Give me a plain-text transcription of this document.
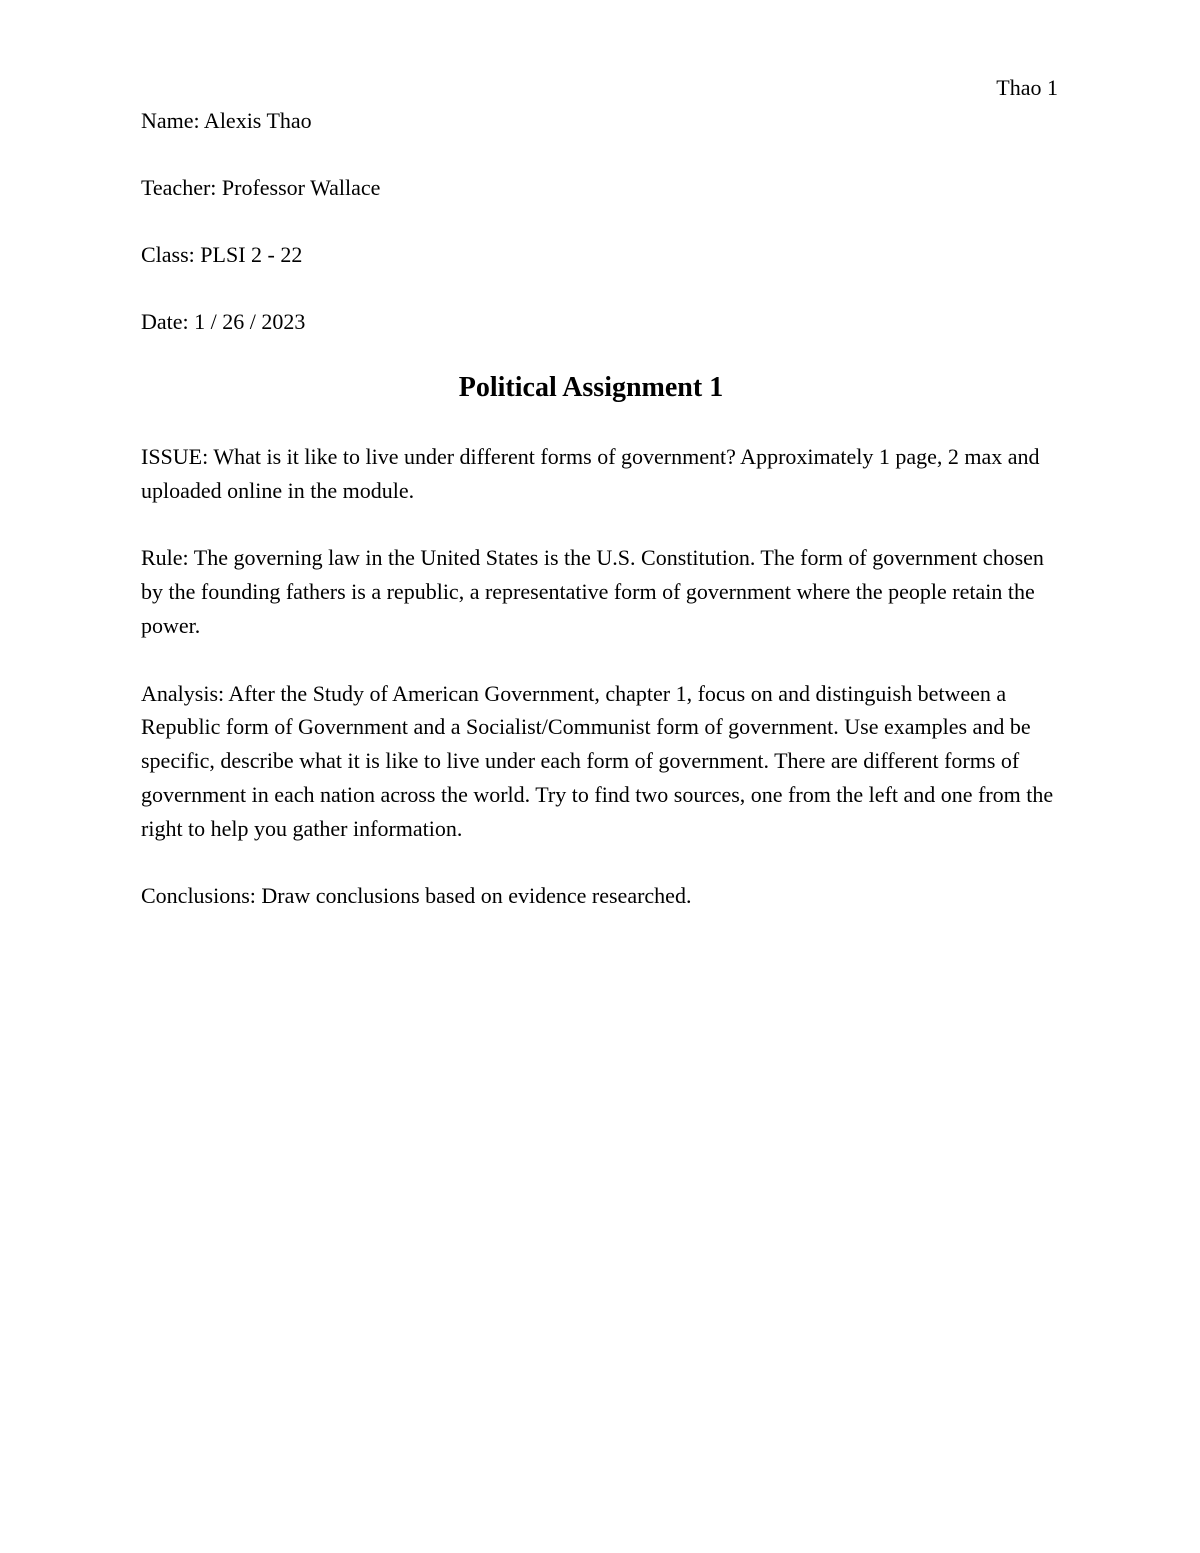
Thao 1
Name: Alexis Thao
Teacher: Professor Wallace
Class: PLSI 2 - 22
Date: 1 / 26 / 2023
Political Assignment 1

ISSUE: What is it like to live under different forms of government? Approximately 1 page, 2 max and uploaded online in the module.

Rule: The governing law in the United States is the U.S. Constitution. The form of government chosen by the founding fathers is a republic, a representative form of government where the people retain the power.

Analysis: After the Study of American Government, chapter 1, focus on and distinguish between a Republic form of Government and a Socialist/Communist form of government. Use examples and be specific, describe what it is like to live under each form of government. There are different forms of government in each nation across the world. Try to find two sources, one from the left and one from the right to help you gather information.

Conclusions: Draw conclusions based on evidence researched.
